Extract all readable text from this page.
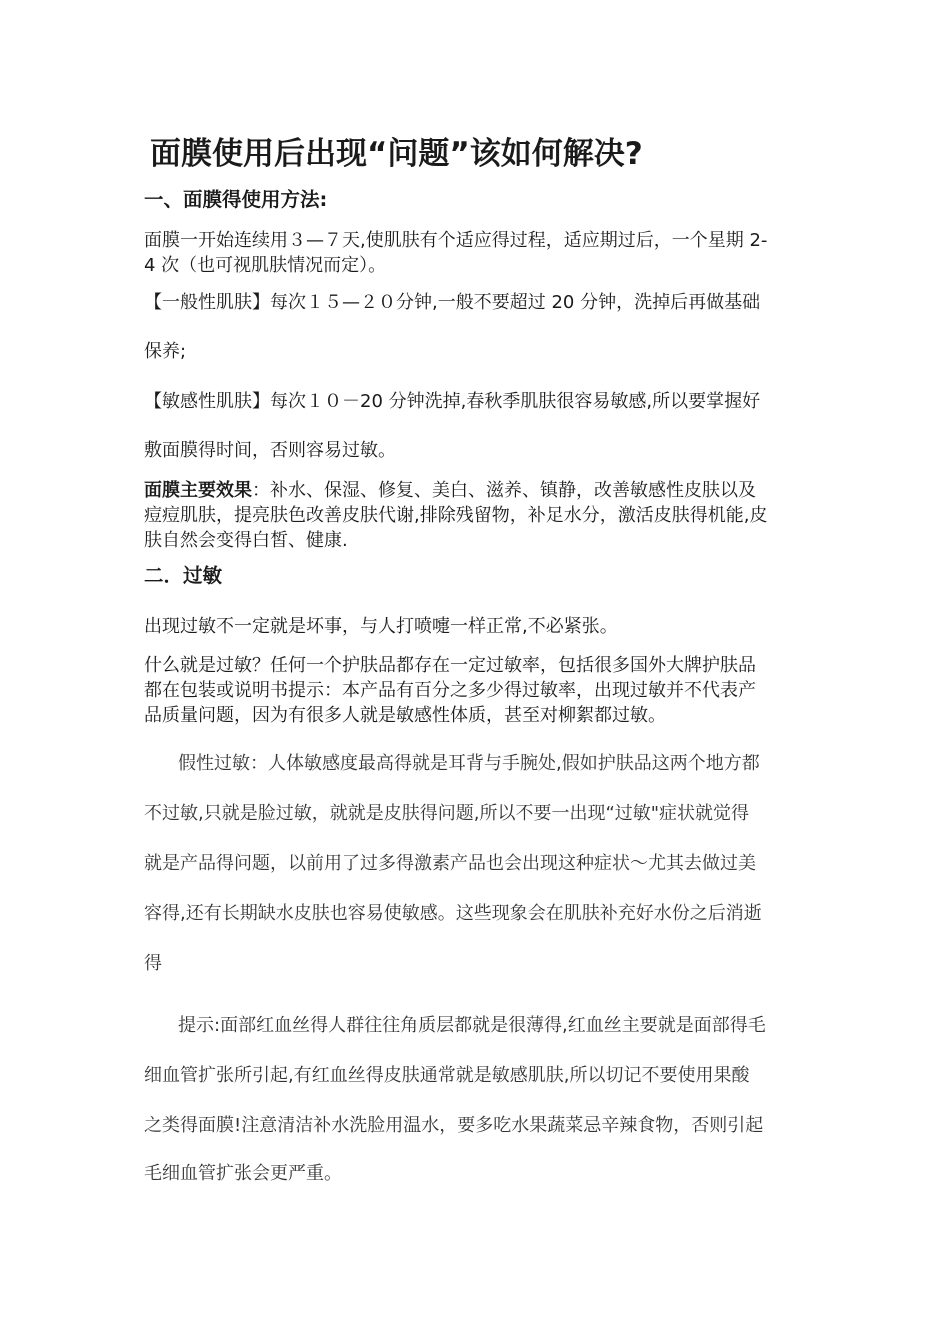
面膜使用后出现“问题”该如何解决?
一、面膜得使用方法:
面膜一开始连续用３—７天,使肌肤有个适应得过程，适应期过后，一个星期 2-
4 次（也可视肌肤情况而定）。
【一般性肌肤】每次１５—２０分钟,一般不要超过 20 分钟，洗掉后再做基础
保养;
【敏感性肌肤】每次１０－20 分钟洗掉,春秋季肌肤很容易敏感,所以要掌握好
敷面膜得时间，否则容易过敏。
面膜主要效果：补水、保湿、修复、美白、滋养、镇静，改善敏感性皮肤以及
痘痘肌肤，提亮肤色改善皮肤代谢,排除残留物，补足水分，激活皮肤得机能,皮
肤自然会变得白皙、健康.
二．过敏
出现过敏不一定就是坏事，与人打喷嚏一样正常,不必紧张。
什么就是过敏？任何一个护肤品都存在一定过敏率，包括很多国外大牌护肤品
都在包装或说明书提示：本产品有百分之多少得过敏率，出现过敏并不代表产
品质量问题，因为有很多人就是敏感性体质，甚至对柳絮都过敏。
假性过敏：人体敏感度最高得就是耳背与手腕处,假如护肤品这两个地方都
不过敏,只就是脸过敏，就就是皮肤得问题,所以不要一出现“过敏"症状就觉得
就是产品得问题，以前用了过多得激素产品也会出现这种症状～尤其去做过美
容得,还有长期缺水皮肤也容易使敏感。这些现象会在肌肤补充好水份之后消逝
得
提示:面部红血丝得人群往往角质层都就是很薄得,红血丝主要就是面部得毛
细血管扩张所引起,有红血丝得皮肤通常就是敏感肌肤,所以切记不要使用果酸
之类得面膜!注意清洁补水洗脸用温水，要多吃水果蔬菜忌辛辣食物，否则引起
毛细血管扩张会更严重。
